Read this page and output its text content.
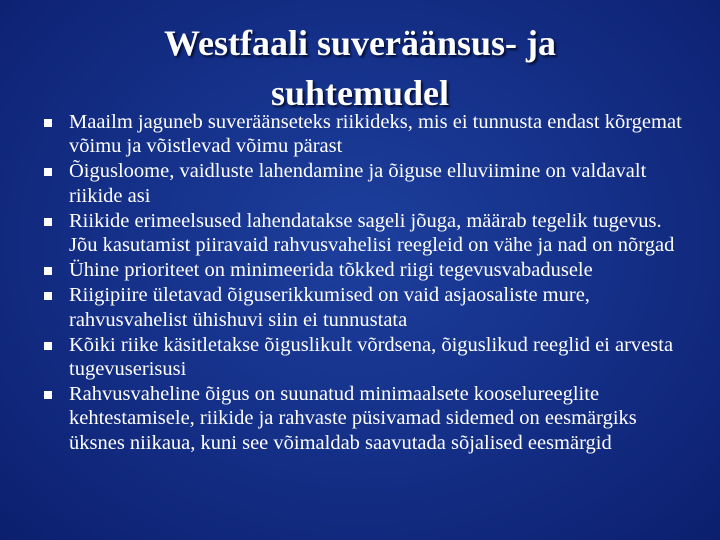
Westfaali suveräänsus- ja
suhtemudel
Maailm jaguneb suveräänseteks riikideks, mis ei tunnusta endast kõrgemat võimu ja võistlevad võimu pärast
Õigusloome, vaidluste lahendamine ja õiguse elluviimine on valdavalt riikide asi
Riikide erimeelsused lahendatakse sageli jõuga, määrab tegelik tugevus. Jõu kasutamist piiravaid rahvusvahelisi reegleid on vähe ja nad on nõrgad
Ühine prioriteet on minimeerida tõkked riigi tegevusvabadusele
Riigipiire ületavad õiguserikkumised on vaid asjaosaliste mure, rahvusvahelist ühishuvi siin ei tunnustata
Kõiki riike käsitletakse õiguslikult võrdsena, õiguslikud reeglid ei arvesta tugevuserisusi
Rahvusvaheline õigus on suunatud minimaalsete kooselureeglite kehtestamisele, riikide ja rahvaste püsivamad sidemed on eesmärgiks üksnes niikaua, kuni see võimaldab saavutada sõjalised eesmärgid
